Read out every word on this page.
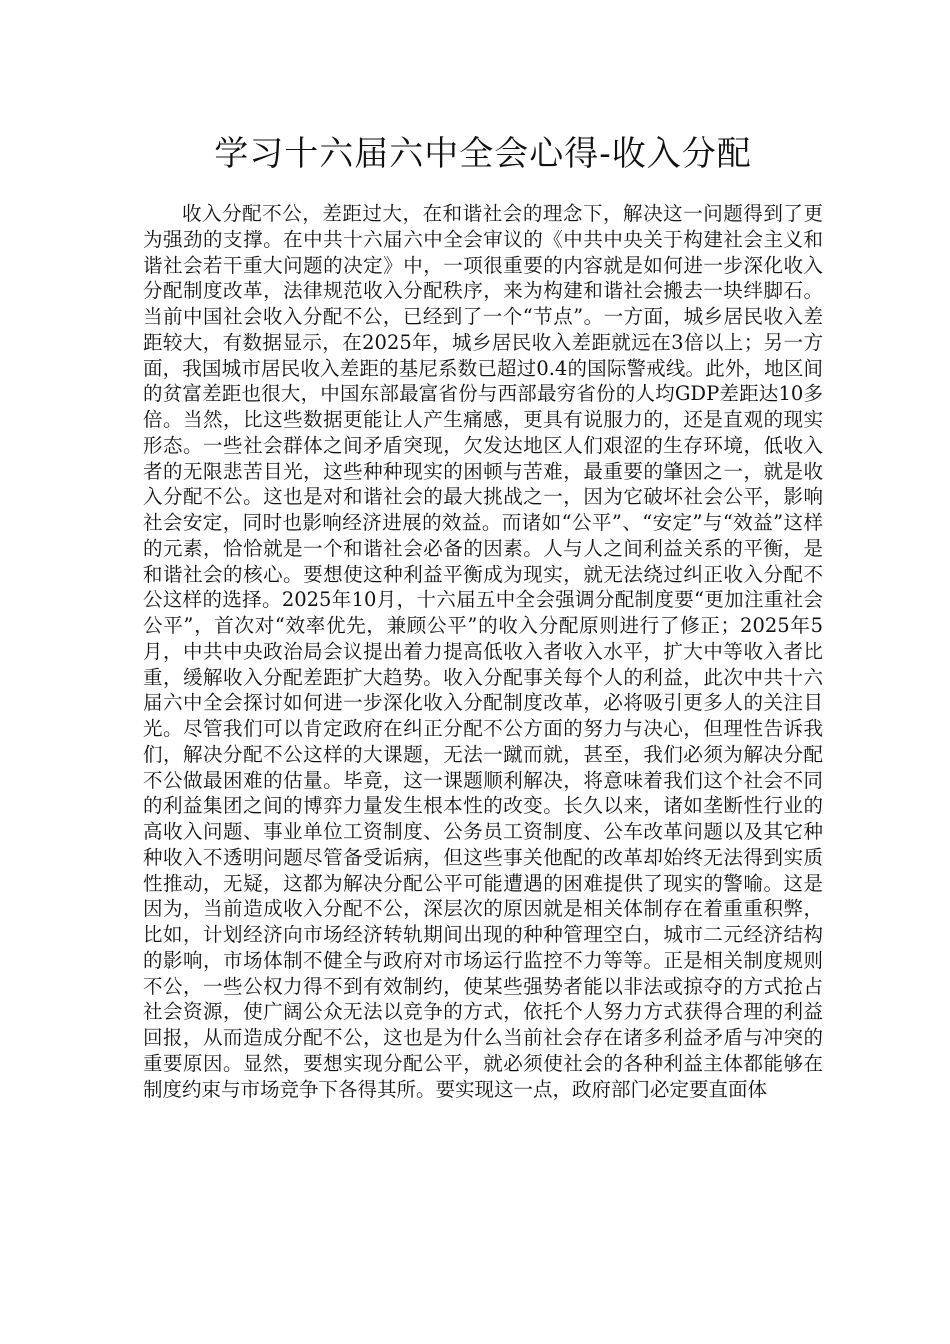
学习十六届六中全会心得-收入分配

收入分配不公，差距过大，在和谐社会的理念下，解决这一问题得到了更为强劲的支撑。在中共十六届六中全会审议的《中共中央关于构建社会主义和谐社会若干重大问题的决定》中，一项很重要的内容就是如何进一步深化收入分配制度改革，法律规范收入分配秩序，来为构建和谐社会搬去一块绊脚石。当前中国社会收入分配不公，已经到了一个“节点”。一方面，城乡居民收入差距较大，有数据显示，在2025年，城乡居民收入差距就远在3倍以上；另一方面，我国城市居民收入差距的基尼系数已超过0.4的国际警戒线。此外，地区间的贫富差距也很大，中国东部最富省份与西部最穷省份的人均GDP差距达10多倍。当然，比这些数据更能让人产生痛感，更具有说服力的，还是直观的现实形态。一些社会群体之间矛盾突现，欠发达地区人们艰涩的生存环境，低收入者的无限悲苦目光，这些种种现实的困顿与苦难，最重要的肇因之一，就是收入分配不公。这也是对和谐社会的最大挑战之一，因为它破坏社会公平，影响社会安定，同时也影响经济进展的效益。而诸如“公平”、“安定”与“效益”这样的元素，恰恰就是一个和谐社会必备的因素。人与人之间利益关系的平衡，是和谐社会的核心。要想使这种利益平衡成为现实，就无法绕过纠正收入分配不公这样的选择。2025年10月，十六届五中全会强调分配制度要“更加注重社会公平”，首次对“效率优先，兼顾公平”的收入分配原则进行了修正；2025年5月，中共中央政治局会议提出着力提高低收入者收入水平，扩大中等收入者比重，缓解收入分配差距扩大趋势。收入分配事关每个人的利益，此次中共十六届六中全会探讨如何进一步深化收入分配制度改革，必将吸引更多人的关注目光。尽管我们可以肯定政府在纠正分配不公方面的努力与决心，但理性告诉我们，解决分配不公这样的大课题，无法一蹴而就，甚至，我们必须为解决分配不公做最困难的估量。毕竟，这一课题顺利解决，将意味着我们这个社会不同的利益集团之间的博弈力量发生根本性的改变。长久以来，诸如垄断性行业的高收入问题、事业单位工资制度、公务员工资制度、公车改革问题以及其它种种收入不透明问题尽管备受诟病，但这些事关他配的改革却始终无法得到实质性推动，无疑，这都为解决分配公平可能遭遇的困难提供了现实的警喻。这是因为，当前造成收入分配不公，深层次的原因就是相关体制存在着重重积弊，比如，计划经济向市场经济转轨期间出现的种种管理空白，城市二元经济结构的影响，市场体制不健全与政府对市场运行监控不力等等。正是相关制度规则不公，一些公权力得不到有效制约，使某些强势者能以非法或掠夺的方式抢占社会资源，使广阔公众无法以竞争的方式，依托个人努力方式获得合理的利益回报，从而造成分配不公，这也是为什么当前社会存在诸多利益矛盾与冲突的重要原因。显然，要想实现分配公平，就必须使社会的各种利益主体都能够在制度约束与市场竞争下各得其所。要实现这一点，政府部门必定要直面体
